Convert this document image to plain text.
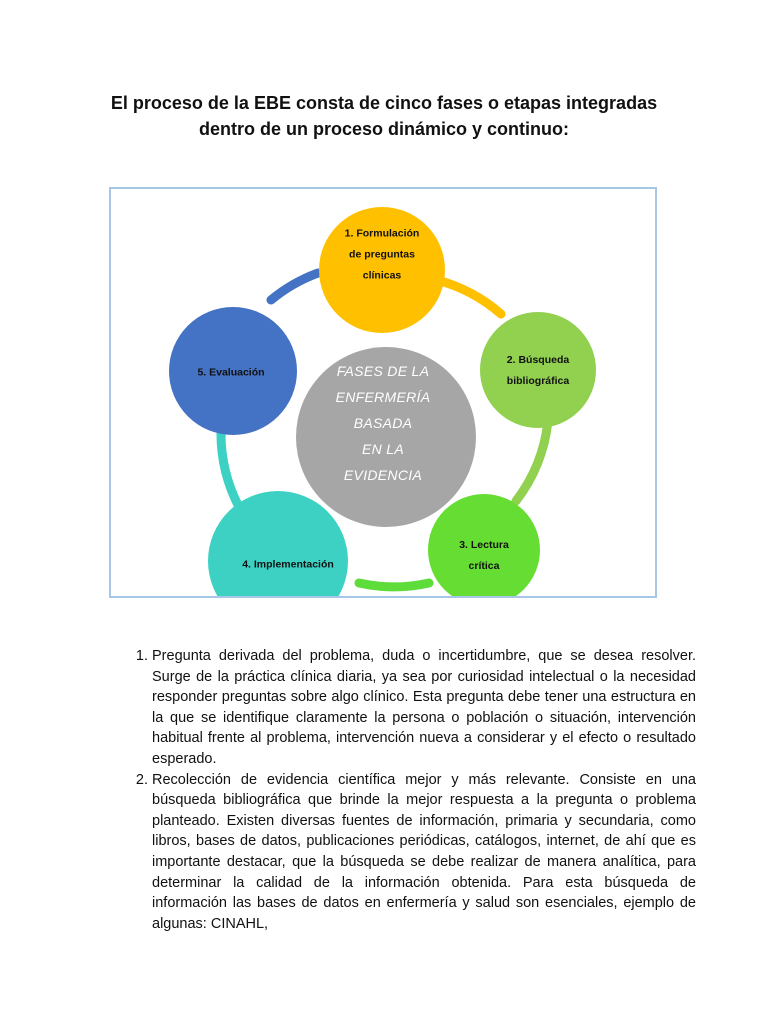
El proceso de la EBE consta de cinco fases o etapas integradas
dentro de un proceso dinámico y continuo:
1. Formulación
de preguntas
clínicas
2. Búsqueda
bibliográfica
3. Lectura
crítica
4. Implementación
5. Evaluación	FASES DE LA
ENFERMERÍA
BASADA
EN LA
EVIDENCIA
1. Pregunta derivada del problema, duda o incertidumbre, que se desea resolver. Surge de la práctica clínica diaria, ya sea por curiosidad intelectual o la necesidad responder preguntas sobre algo clínico. Esta pregunta debe tener una estructura en la que se identifique claramente la persona o población o situación, intervención habitual frente al problema, intervención nueva a considerar y el efecto o resultado esperado.
2. Recolección de evidencia científica mejor y más relevante. Consiste en una búsqueda bibliográfica que brinde la mejor respuesta a la pregunta o problema planteado. Existen diversas fuentes de información, primaria y secundaria, como libros, bases de datos, publicaciones periódicas, catálogos, internet, de ahí que es importante destacar, que la búsqueda se debe realizar de manera analítica, para determinar la calidad de la información obtenida. Para esta búsqueda de información las bases de datos en enfermería y salud son esenciales, ejemplo de algunas: CINAHL,
